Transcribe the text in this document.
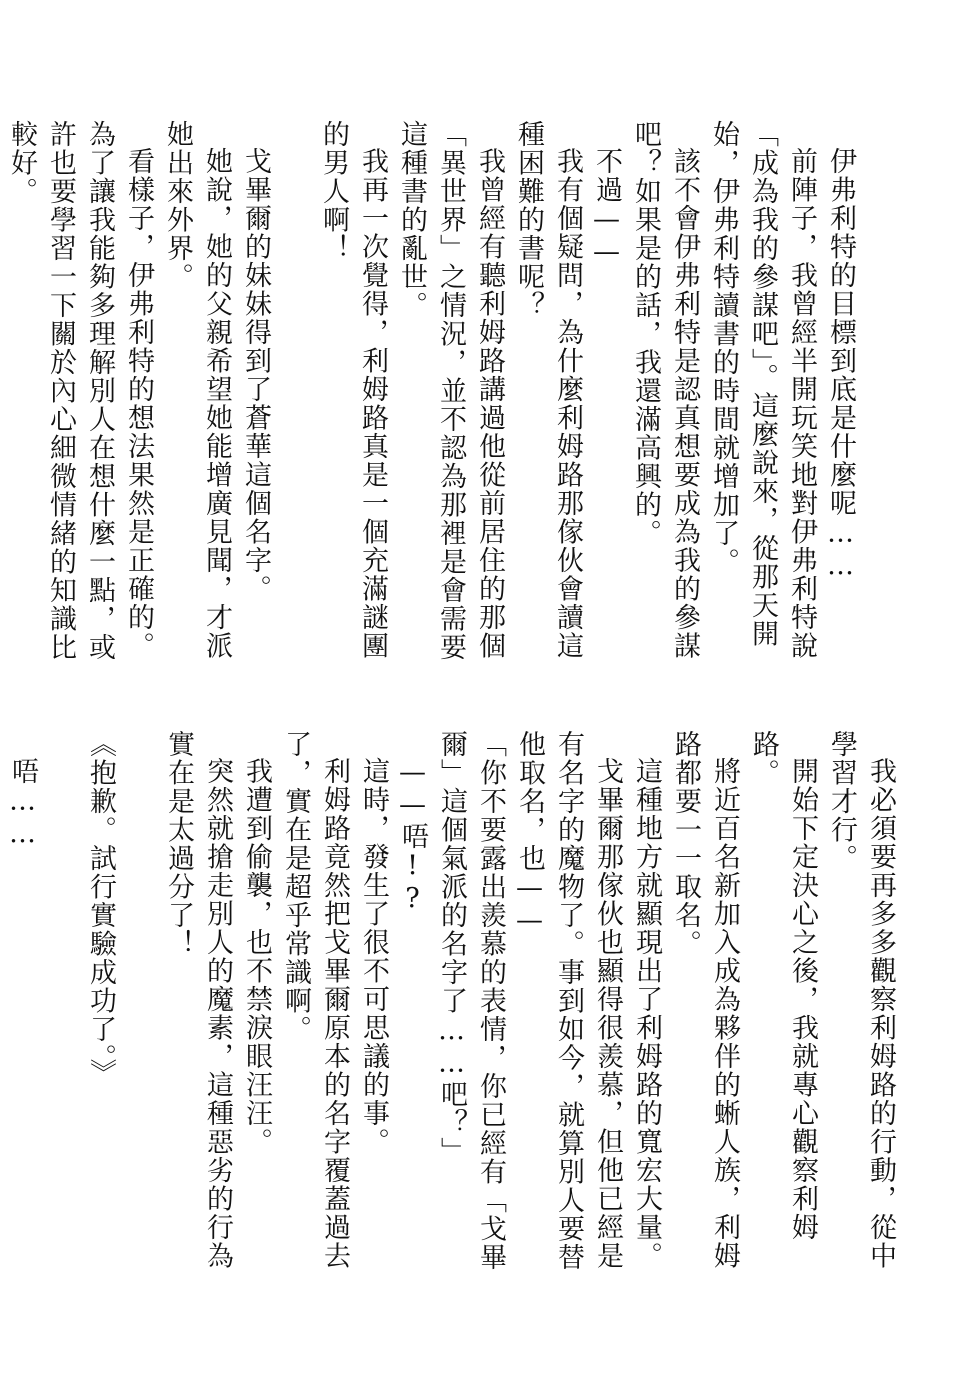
伊弗利特的目標到底是什麼呢……

前陣子，我曾經半開玩笑地對伊弗利特說「成為我的參謀吧」。這麼說來，從那天開始，伊弗利特讀書的時間就增加了。

該不會伊弗利特是認真想要成為我的參謀吧？如果是的話，我還滿高興的。

不過——

我有個疑問，為什麼利姆路那傢伙會讀這種困難的書呢？

我曾經有聽利姆路講過他從前居住的那個「異世界」之情況，並不認為那裡是會需要這種書的亂世。

我再一次覺得，利姆路真是一個充滿謎團的男人啊！

戈畢爾的妹妹得到了蒼華這個名字。

她說，她的父親希望她能增廣見聞，才派她出來外界。

看樣子，伊弗利特的想法果然是正確的。為了讓我能夠多理解別人在想什麼一點，或許也要學習一下關於內心細微情緒的知識比較好。

我必須要再多多觀察利姆路的行動，從中學習才行。

開始下定決心之後，我就專心觀察利姆路。

將近百名新加入成為夥伴的蜥人族，利姆路都要一一取名。

這種地方就顯現出了利姆路的寬宏大量。

戈畢爾那傢伙也顯得很羨慕，但他已經是有名字的魔物了。事到如今，就算別人要替他取名，也——

「你不要露出羨慕的表情，你已經有「戈畢爾」這個氣派的名字了……吧？」

——唔!?

這時，發生了很不可思議的事。

利姆路竟然把戈畢爾原本的名字覆蓋過去了，實在是超乎常識啊。

我遭到偷襲，也不禁淚眼汪汪。

突然就搶走別人的魔素，這種惡劣的行為實在是太過分了！

《抱歉。試行實驗成功了。》

唔……
